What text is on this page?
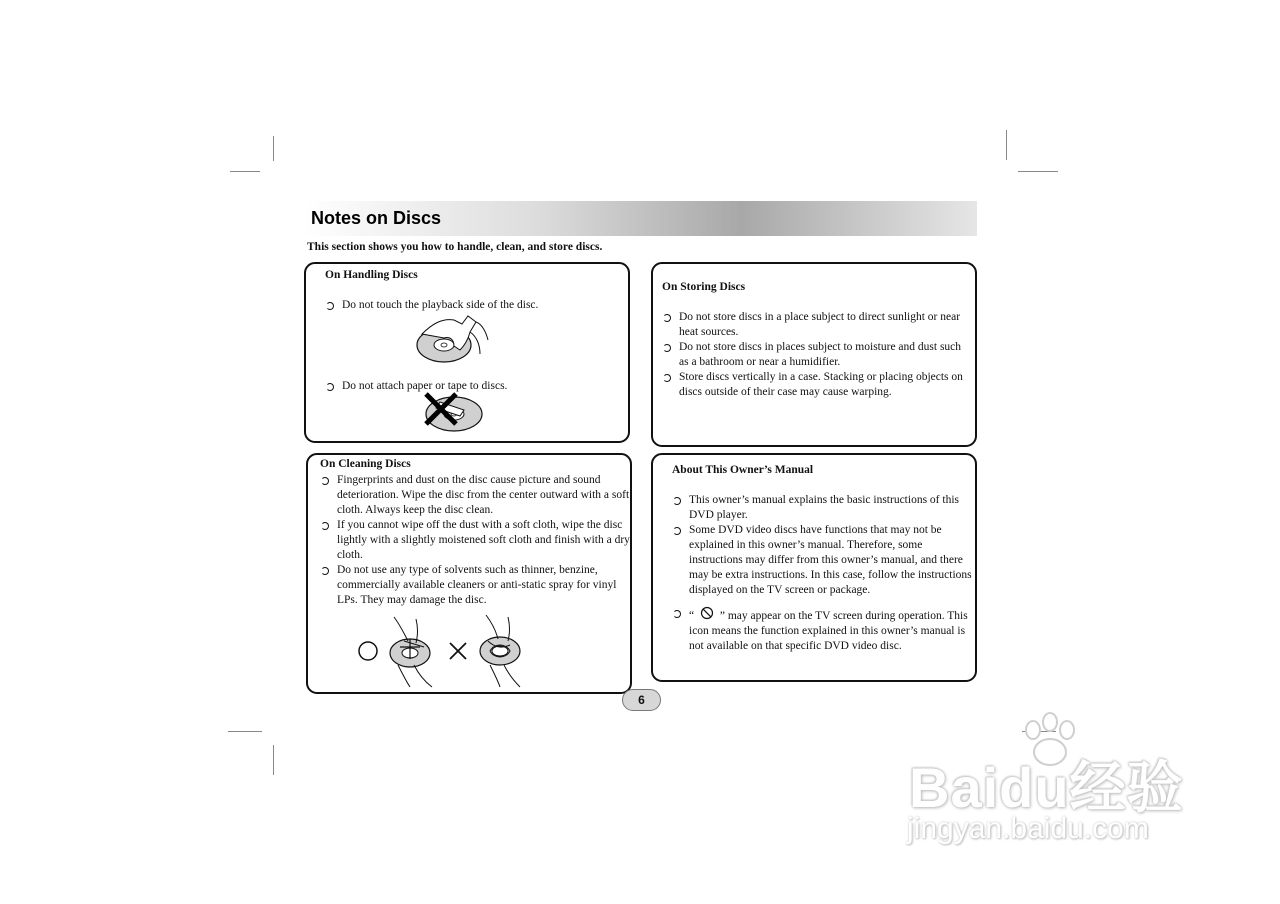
Notes on Discs
This section shows you how to handle, clean, and store discs.
On Handling Discs
Do not touch the playback side of the disc.
Do not attach paper or tape to discs.
On Cleaning Discs
Fingerprints and dust on the disc cause picture and sound deterioration. Wipe the disc from the center outward with a soft cloth. Always keep the disc clean.
If you cannot wipe off the dust with a soft cloth, wipe the disc lightly with a slightly moistened soft cloth and finish with a dry cloth.
Do not use any type of solvents such as thinner, benzine, commercially available cleaners or anti-static spray for vinyl LPs. They may damage the disc.
On Storing Discs
Do not store discs in a place subject to direct sunlight or near heat sources.
Do not store discs in places subject to moisture and dust such as a bathroom or near a humidifier.
Store discs vertically in a case. Stacking or placing objects on discs outside of their case may cause warping.
About This Owner’s Manual
This owner’s manual explains the basic instructions of this DVD player.
Some DVD video discs have functions that may not be explained in this owner’s manual. Therefore, some instructions may differ from this owner’s manual, and there may be extra instructions. In this case, follow the instructions displayed on the TV screen or package.
“ ” may appear on the TV screen during operation. This icon means the function explained in this owner’s manual is not available on that specific DVD video disc.
6
Baidu经验
jingyan.baidu.com
